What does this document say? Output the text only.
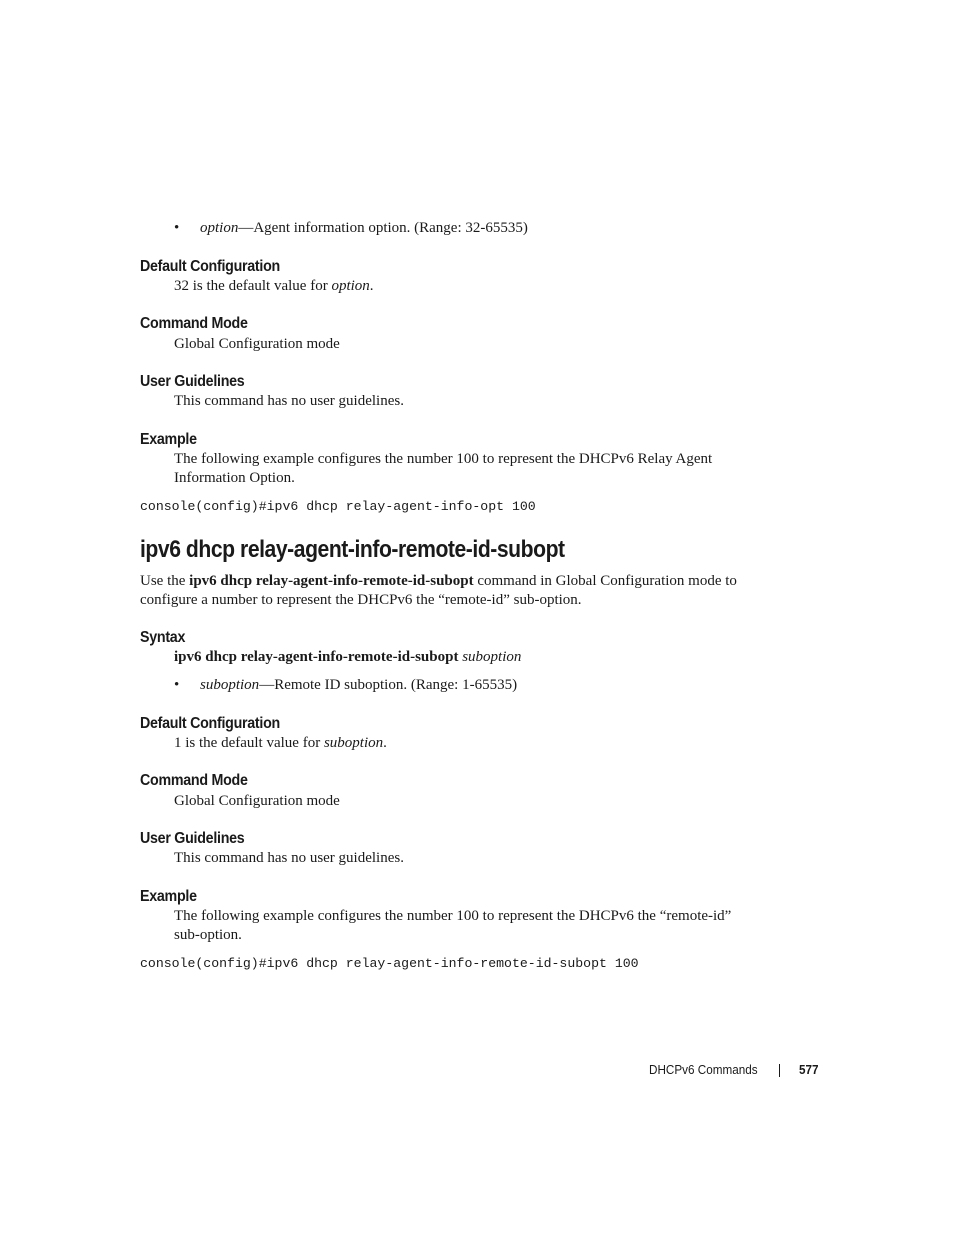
• option—Agent information option. (Range: 32-65535)
Default Configuration
32 is the default value for option.
Command Mode
Global Configuration mode
User Guidelines
This command has no user guidelines.
Example
The following example configures the number 100 to represent the DHCPv6 Relay Agent
Information Option.
console(config)#ipv6 dhcp relay-agent-info-opt 100
ipv6 dhcp relay-agent-info-remote-id-subopt
Use the ipv6 dhcp relay-agent-info-remote-id-subopt command in Global Configuration mode to
configure a number to represent the DHCPv6 the “remote-id” sub-option.
Syntax
ipv6 dhcp relay-agent-info-remote-id-subopt suboption
• suboption—Remote ID suboption. (Range: 1-65535)
Default Configuration
1 is the default value for suboption.
Command Mode
Global Configuration mode
User Guidelines
This command has no user guidelines.
Example
The following example configures the number 100 to represent the DHCPv6 the “remote-id”
sub-option.
console(config)#ipv6 dhcp relay-agent-info-remote-id-subopt 100
DHCPv6 Commands	577
